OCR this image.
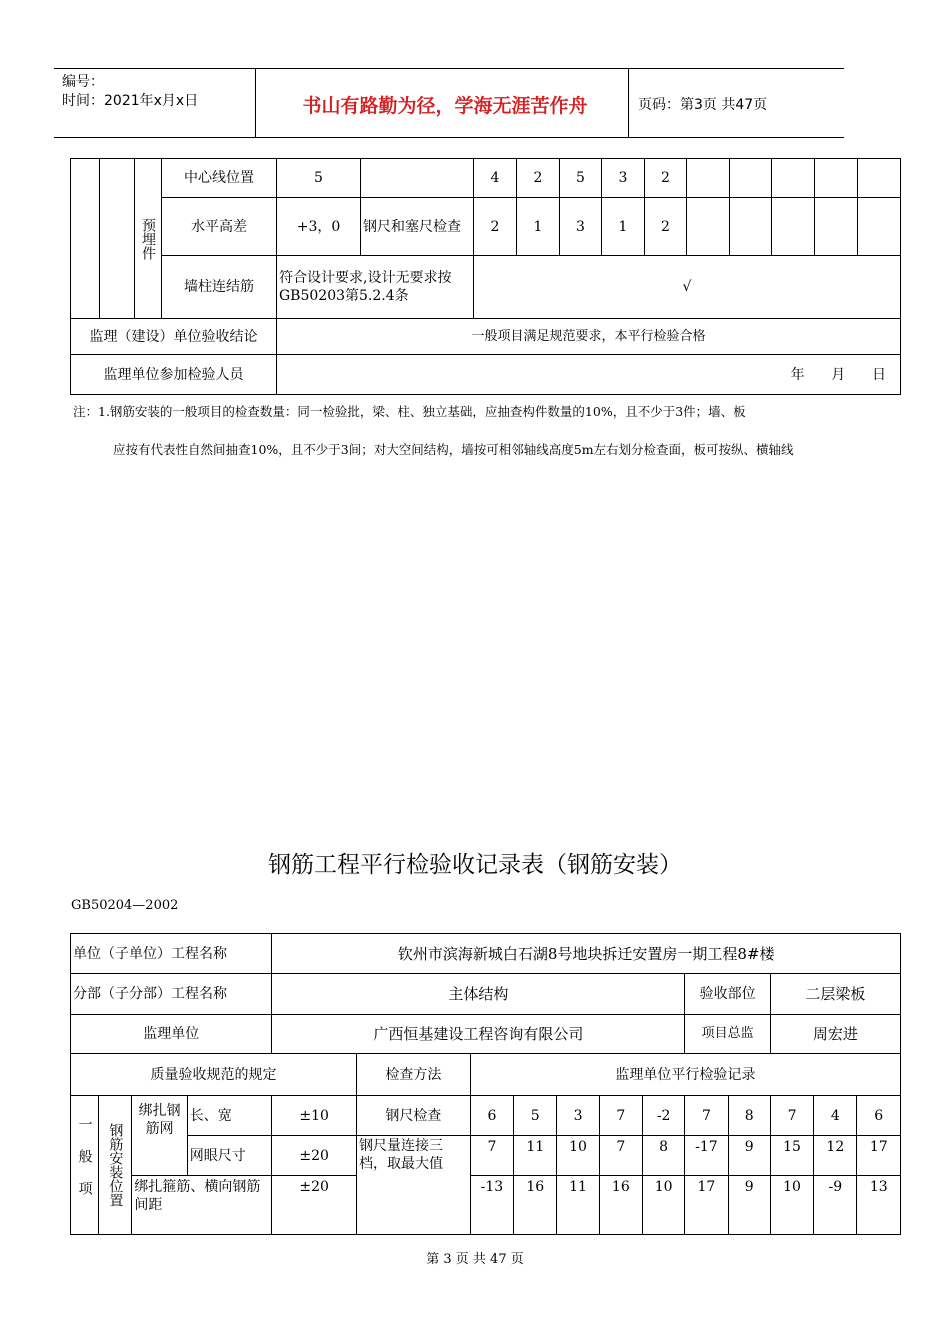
编号：
时间：2021年x月x日	书山有路勤为径，学海无涯苦作舟	页码：第3页 共47页
		预埋件	中心线位置	5		4	2	5	3	2					
			水平高差	+3，0	钢尺和塞尺检查	2	1	3	1	2					
			墙柱连结筋	符合设计要求,设计无要求按GB50203第5.2.4条		√									
监理（建设）单位验收结论				一般项目满足规范要求，本平行检验合格											
监理单位参加检验人员				年      月      日											
注：1.钢筋安装的一般项目的检查数量：同一检验批，梁、柱、独立基础，应抽查构件数量的10%，且不少于3件；墙、板
应按有代表性自然间抽查10%，且不少于3间；对大空间结构，墙按可相邻轴线高度5m左右划分检查面，板可按纵、横轴线
钢筋工程平行检验收记录表（钢筋安装）
GB50204—2002
单位（子单位）工程名称				钦州市滨海新城白石湖8号地块拆迁安置房一期工程8#楼											
分部（子分部）工程名称				主体结构							验收部位		二层梁板		
监理单位				广西恒基建设工程咨询有限公司							项目总监		周宏进		
质量验收规范的规定					检查方法	监理单位平行检验记录									
一般项	钢筋安装位置	绑扎钢筋网	长、宽	±10	钢尺检查	6	5	3	7	-2	7	8	7	4	6
			网眼尺寸	±20	钢尺量连接三档，取最大值	7	11	10	7	8	-17	9	15	12	17
		绑扎箍筋、横向钢筋间距		±20		-13	16	11	16	10	17	9	10	-9	13
第 3 页 共 47 页
